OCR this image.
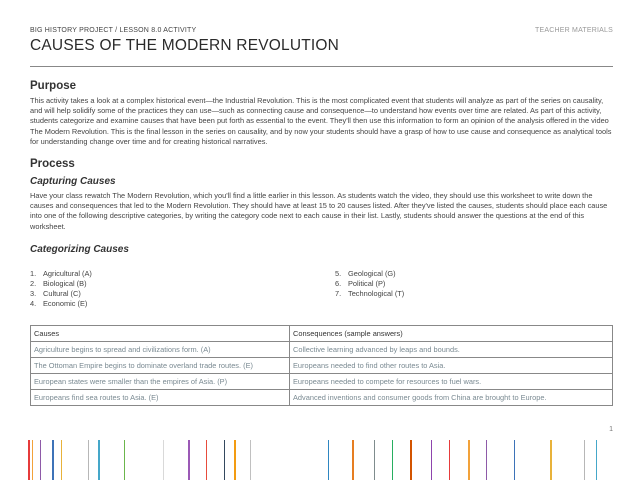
BIG HISTORY PROJECT / LESSON 8.0 ACTIVITY	TEACHER MATERIALS
CAUSES OF THE MODERN REVOLUTION
Purpose

This activity takes a look at a complex historical event—the Industrial Revolution. This is the most complicated event that students will analyze as part of the series on causality, and will help solidify some of the practices they can use—such as connecting cause and consequence—to understand how events over time are related. As part of this activity, students categorize and examine causes that have been put forth as essential to the event. They'll then use this information to form an opinion of the analysis offered in the video The Modern Revolution. This is the final lesson in the series on causality, and by now your students should have a grasp of how to use cause and consequence as analytical tools for understanding change over time and for creating historical narratives.

Process
Capturing Causes

Have your class rewatch The Modern Revolution, which you'll find a little earlier in this lesson. As students watch the video, they should use this worksheet to write down the causes and consequences that led to the Modern Revolution. They should have at least 15 to 20 causes listed. After they've listed the causes, students should place each cause into one of the following descriptive categories, by writing the category code next to each cause in their list. Lastly, students should answer the questions at the end of this worksheet.

Categorizing Causes
1. Agricultural (A)
2. Biological (B)
3. Cultural (C)
4. Economic (E)
5. Geological (G)
6. Political (P)
7. Technological (T)
Causes	Consequences (sample answers)
Agriculture begins to spread and civilizations form. (A)	Collective learning advanced by leaps and bounds.
The Ottoman Empire begins to dominate overland trade routes. (E)	Europeans needed to find other routes to Asia.
European states were smaller than the empires of Asia. (P)	Europeans needed to compete for resources to fuel wars.
Europeans find sea routes to Asia. (E)	Advanced inventions and consumer goods from China are brought to Europe.
1
